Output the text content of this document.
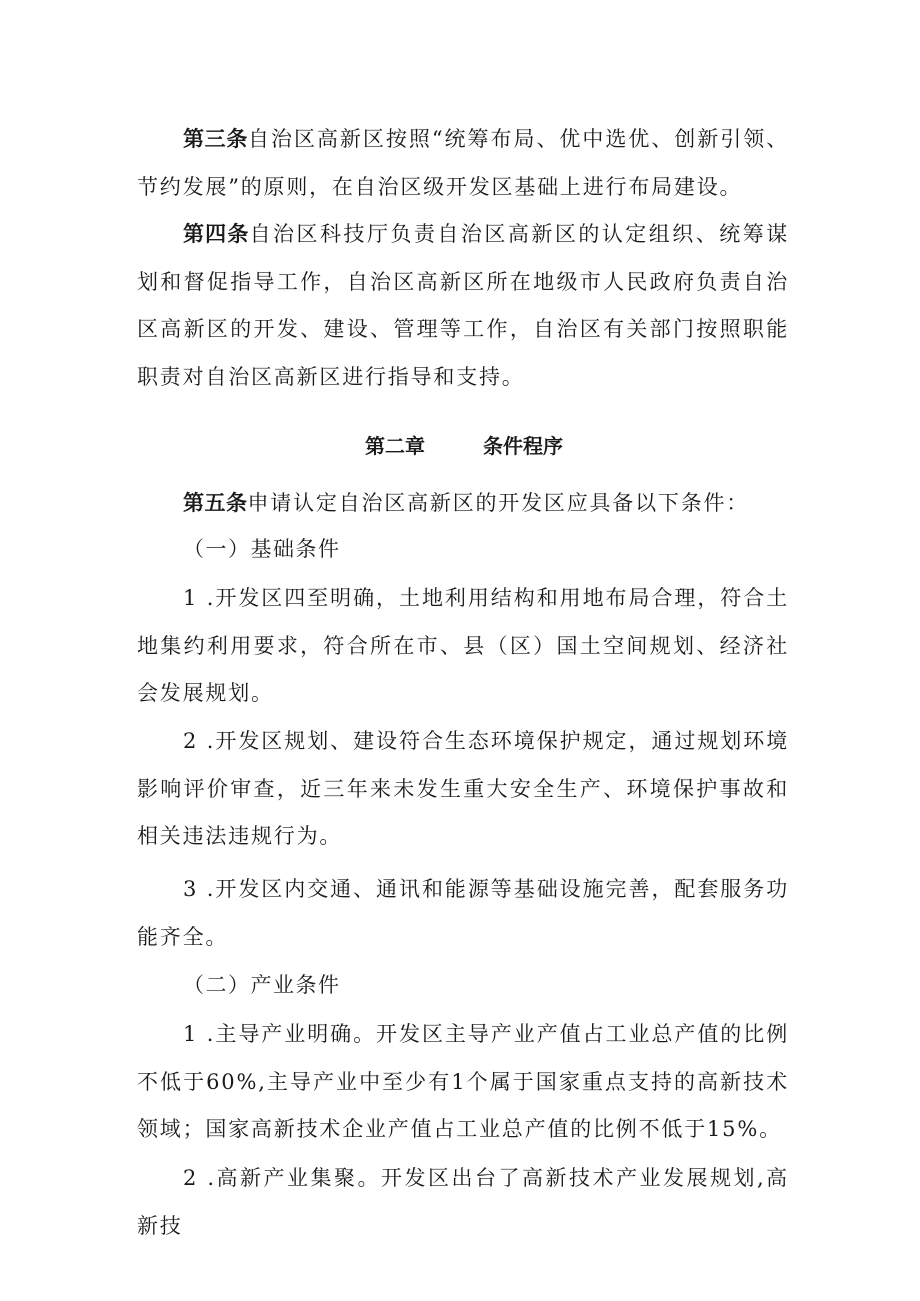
第三条自治区高新区按照“统筹布局、优中选优、创新引领、节约发展”的原则，在自治区级开发区基础上进行布局建设。

第四条自治区科技厅负责自治区高新区的认定组织、统筹谋划和督促指导工作，自治区高新区所在地级市人民政府负责自治区高新区的开发、建设、管理等工作，自治区有关部门按照职能职责对自治区高新区进行指导和支持。

第二章	条件程序

第五条申请认定自治区高新区的开发区应具备以下条件：

（一）基础条件

1 .开发区四至明确，土地利用结构和用地布局合理，符合土地集约利用要求，符合所在市、县（区）国土空间规划、经济社会发展规划。

2 .开发区规划、建设符合生态环境保护规定，通过规划环境影响评价审查，近三年来未发生重大安全生产、环境保护事故和相关违法违规行为。

3 .开发区内交通、通讯和能源等基础设施完善，配套服务功能齐全。

（二）产业条件

1 .主导产业明确。开发区主导产业产值占工业总产值的比例不低于60%,主导产业中至少有1个属于国家重点支持的高新技术领域；国家高新技术企业产值占工业总产值的比例不低于15%。

2 .高新产业集聚。开发区出台了高新技术产业发展规划,高新技
